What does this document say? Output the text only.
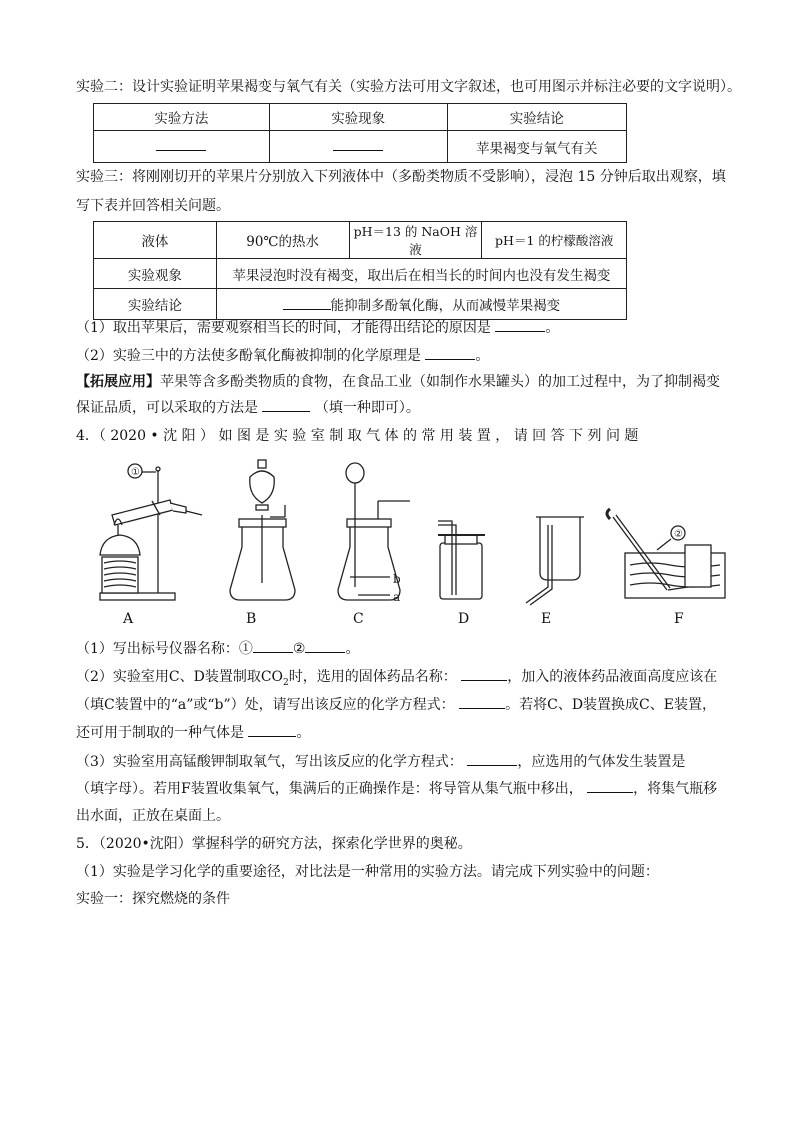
实验二：设计实验证明苹果褐变与氧气有关（实验方法可用文字叙述，也可用图示并标注必要的文字说明）。
实验方法	实验现象	实验结论
		苹果褐变与氧气有关
实验三：将刚刚切开的苹果片分别放入下列液体中（多酚类物质不受影响），浸泡 15 分钟后取出观察，填
写下表并回答相关问题。
液体	90℃的热水	pH＝13 的 NaOH 溶液	pH＝1 的柠檬酸溶液
实验观象	苹果浸泡时没有褐变，取出后在相当长的时间内也没有发生褐变		
实验结论	能抑制多酚氧化酶，从而减慢苹果褐变		
（1）取出苹果后，需要观察相当长的时间，才能得出结论的原因是	。
（2）实验三中的方法使多酚氧化酶被抑制的化学原理是	。
【拓展应用】苹果等含多酚类物质的食物，在食品工业（如制作水果罐头）的加工过程中，为了抑制褐变
保证品质，可以采取的方法是	（填一种即可）。
4．（ 2020 • 沈 阳 ） 如 图 是 实 验 室 制 取 气 体 的 常 用 装 置 ， 请 回 答 下 列 问 题
①
b
a
②
A	B	C	D	E	F
（1）写出标号仪器名称：①	②	。
（2）实验室用C、D装置制取$CO_2$时，选用的固体药品名称：	，加入的液体药品液面高度应该在
（填C装置中的“a”或“b”）处，请写出该反应的化学方程式：	。若将C、D装置换成C、E装置，
还可用于制取的一种气体是	。
（3）实验室用高锰酸钾制取氧气，写出该反应的化学方程式：	，应选用的气体发生装置是
（填字母）。若用F装置收集氧气，集满后的正确操作是：将导管从集气瓶中移出，	，将集气瓶移
出水面，正放在桌面上。
5．（2020•沈阳）掌握科学的研究方法，探索化学世界的奥秘。
（1）实验是学习化学的重要途径，对比法是一种常用的实验方法。请完成下列实验中的问题：
实验一：探究燃烧的条件
